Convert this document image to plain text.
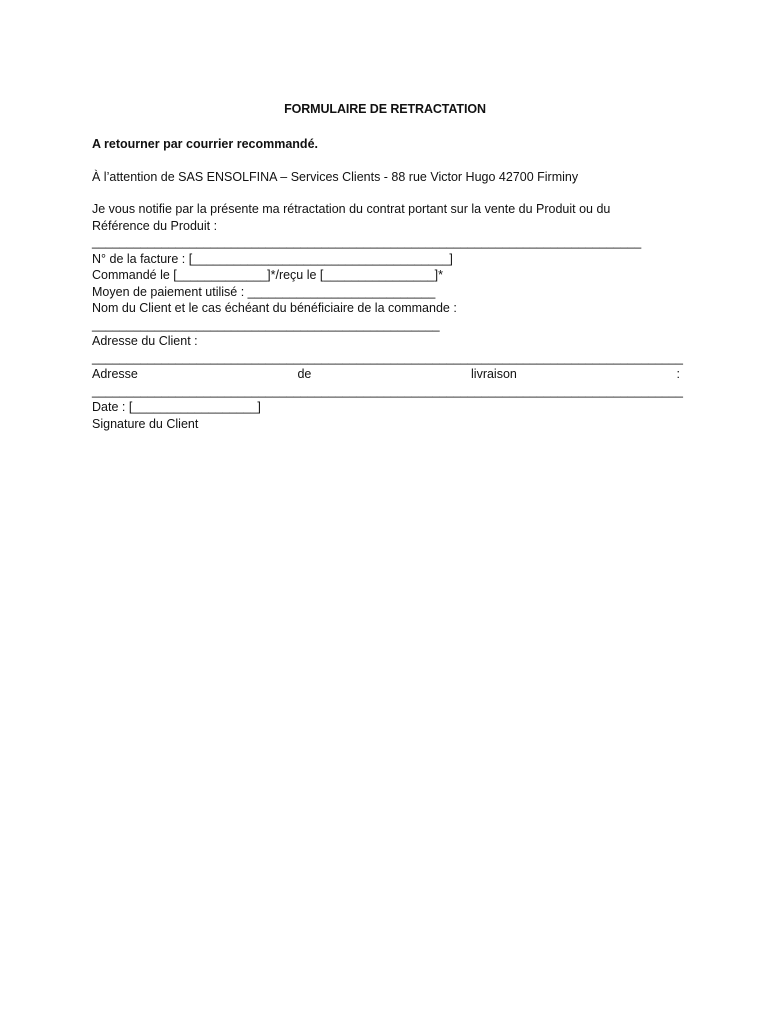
FORMULAIRE DE RETRACTATION
A retourner par courrier recommandé.
À l’attention de SAS ENSOLFINA – Services Clients - 88 rue Victor Hugo 42700 Firminy
Je vous notifie par la présente ma rétractation du contrat portant sur la vente du Produit ou du
Référence du Produit :
_______________________________________________________________________________
N° de la facture : [_____________________________________]
Commandé le [_____________]*/reçu le [________________]*
Moyen de paiement utilisé : ___________________________
Nom du Client et le cas échéant du bénéficiaire de la commande :
__________________________________________________
Adresse du Client :
_____________________________________________________________________________________
Adresse	de	livraison	:
_____________________________________________________________________________________
Date : [__________________]
Signature du Client
